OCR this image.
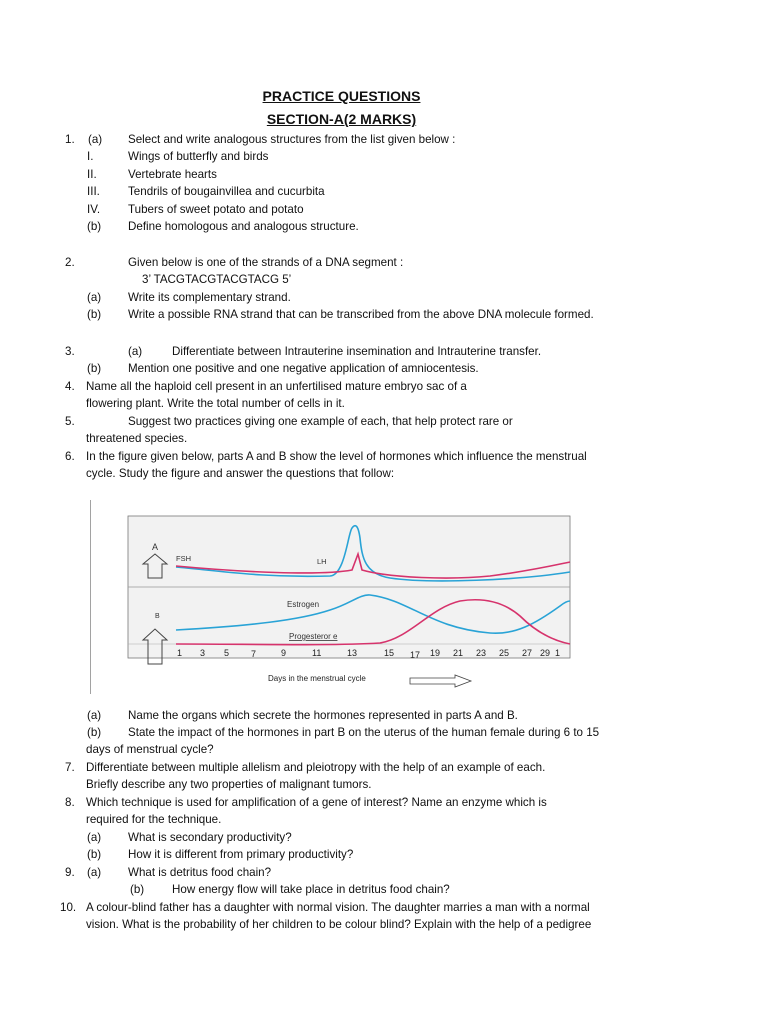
PRACTICE QUESTIONS
SECTION-A(2 MARKS)
1. (a) Select and write analogous structures from the list given below :
I.	Wings of butterfly and birds
II.	Vertebrate hearts
III. Tendrils of bougainvillea and cucurbita
IV. Tubers of sweet potato and potato
(b) Define homologous and analogous structure.
2.	Given below is one of the strands of a DNA segment :
3’ TACGTACGTACGTACG 5’
(a) Write its complementary strand.
(b) Write a possible RNA strand that can be transcribed from the above DNA molecule formed.
3.	(a)	Differentiate between Intrauterine insemination and Intrauterine transfer.
(b) Mention one positive and one negative application of amniocentesis.
4. Name all the haploid cell present in an unfertilised mature embryo sac of a
flowering plant. Write the total number of cells in it.
5.	Suggest two practices giving one example of each, that help protect rare or
threatened species.
6. In the figure given below, parts A and B show the level of hormones which influence the menstrual
cycle. Study the figure and answer the questions that follow:
A
B
FSH	LH
Estrogen
Progesteror e
1 3 5 7	9	11	13	15 17 19 21 23 25 27 29 1
Days in the menstrual cycle
(a) Name the organs which secrete the hormones represented in parts A and B.
(b) State the impact of the hormones in part B on the uterus of the human female during 6 to 15
days of menstrual cycle?
7. Differentiate between multiple allelism and pleiotropy with the help of an example of each.
Briefly describe any two properties of malignant tumors.
8. Which technique is used for amplification of a gene of interest? Name an enzyme which is
required for the technique.
(a) What is secondary productivity?
(b) How it is different from primary productivity?
9. (a) What is detritus food chain?
(b) How energy flow will take place in detritus food chain?
10. A colour-blind father has a daughter with normal vision. The daughter marries a man with a normal
vision. What is the probability of her children to be colour blind? Explain with the help of a pedigree
